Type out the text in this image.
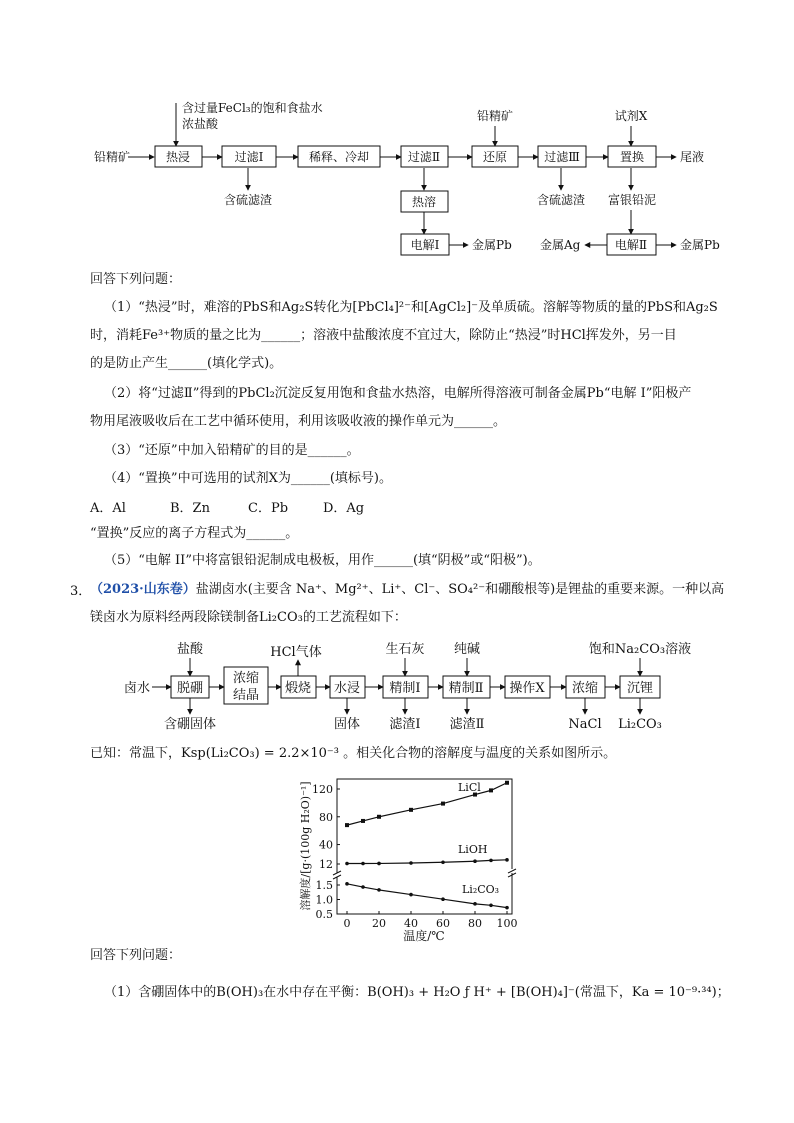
含过量FeCl₃的饱和食盐水
浓盐酸
铅精矿	热浸	过滤Ⅰ	稀释、冷却	过滤Ⅱ	还原	过滤Ⅲ	置换
铅精矿	试剂X
尾液
含硫滤渣	含硫滤渣
热溶	富银铅泥
电解Ⅰ	金属Pb	电解Ⅱ
金属Ag	金属Pb
回答下列问题：
（1）“热浸”时，难溶的PbS和Ag₂S转化为[PbCl₄]²⁻和[AgCl₂]⁻及单质硫。溶解等物质的量的PbS和Ag₂S
时，消耗Fe³⁺物质的量之比为______；溶液中盐酸浓度不宜过大，除防止“热浸”时HCl挥发外，另一目
的是防止产生______(填化学式)。
（2）将“过滤Ⅱ”得到的PbCl₂沉淀反复用饱和食盐水热溶，电解所得溶液可制备金属Pb“电解 I”阳极产
物用尾液吸收后在工艺中循环使用，利用该吸收液的操作单元为______。
（3）“还原”中加入铅精矿的目的是______。
（4）“置换”中可选用的试剂X为______(填标号)。
A．Al	B．Zn	C．Pb	D．Ag
“置换”反应的离子方程式为______。
（5）“电解 II”中将富银铅泥制成电极板，用作______(填“阴极”或“阳极”)。
3．
（2023·山东卷）盐湖卤水(主要含 Na⁺、Mg²⁺、Li⁺、Cl⁻、SO₄²⁻和硼酸根等)是锂盐的重要来源。一种以高
镁卤水为原料经两段除镁制备Li₂CO₃的工艺流程如下：
卤水 脱硼
浓缩
结晶 煅烧 水浸 精制Ⅰ 精制Ⅱ 操作X 浓缩 沉锂
盐酸	HCl气体	生石灰 纯碱	饱和Na₂CO₃溶液
含硼固体	固体 滤渣Ⅰ 滤渣Ⅱ	NaCl Li₂CO₃
已知：常温下，Ksp(Li₂CO₃) = 2.2×10⁻³ 。相关化合物的溶解度与温度的关系如图所示。
0 20 40 60 80 100
12
40
80
120
0.5
1.0
1.5
温度/℃
溶解度/[g·(100g H₂O)⁻¹]	LiCl
LiOH
Li₂CO₃
回答下列问题：
（1）含硼固体中的B(OH)₃在水中存在平衡：B(OH)₃ + H₂O ƒ H⁺ + [B(OH)₄]⁻(常温下，Ka = 10⁻⁹·³⁴)；
